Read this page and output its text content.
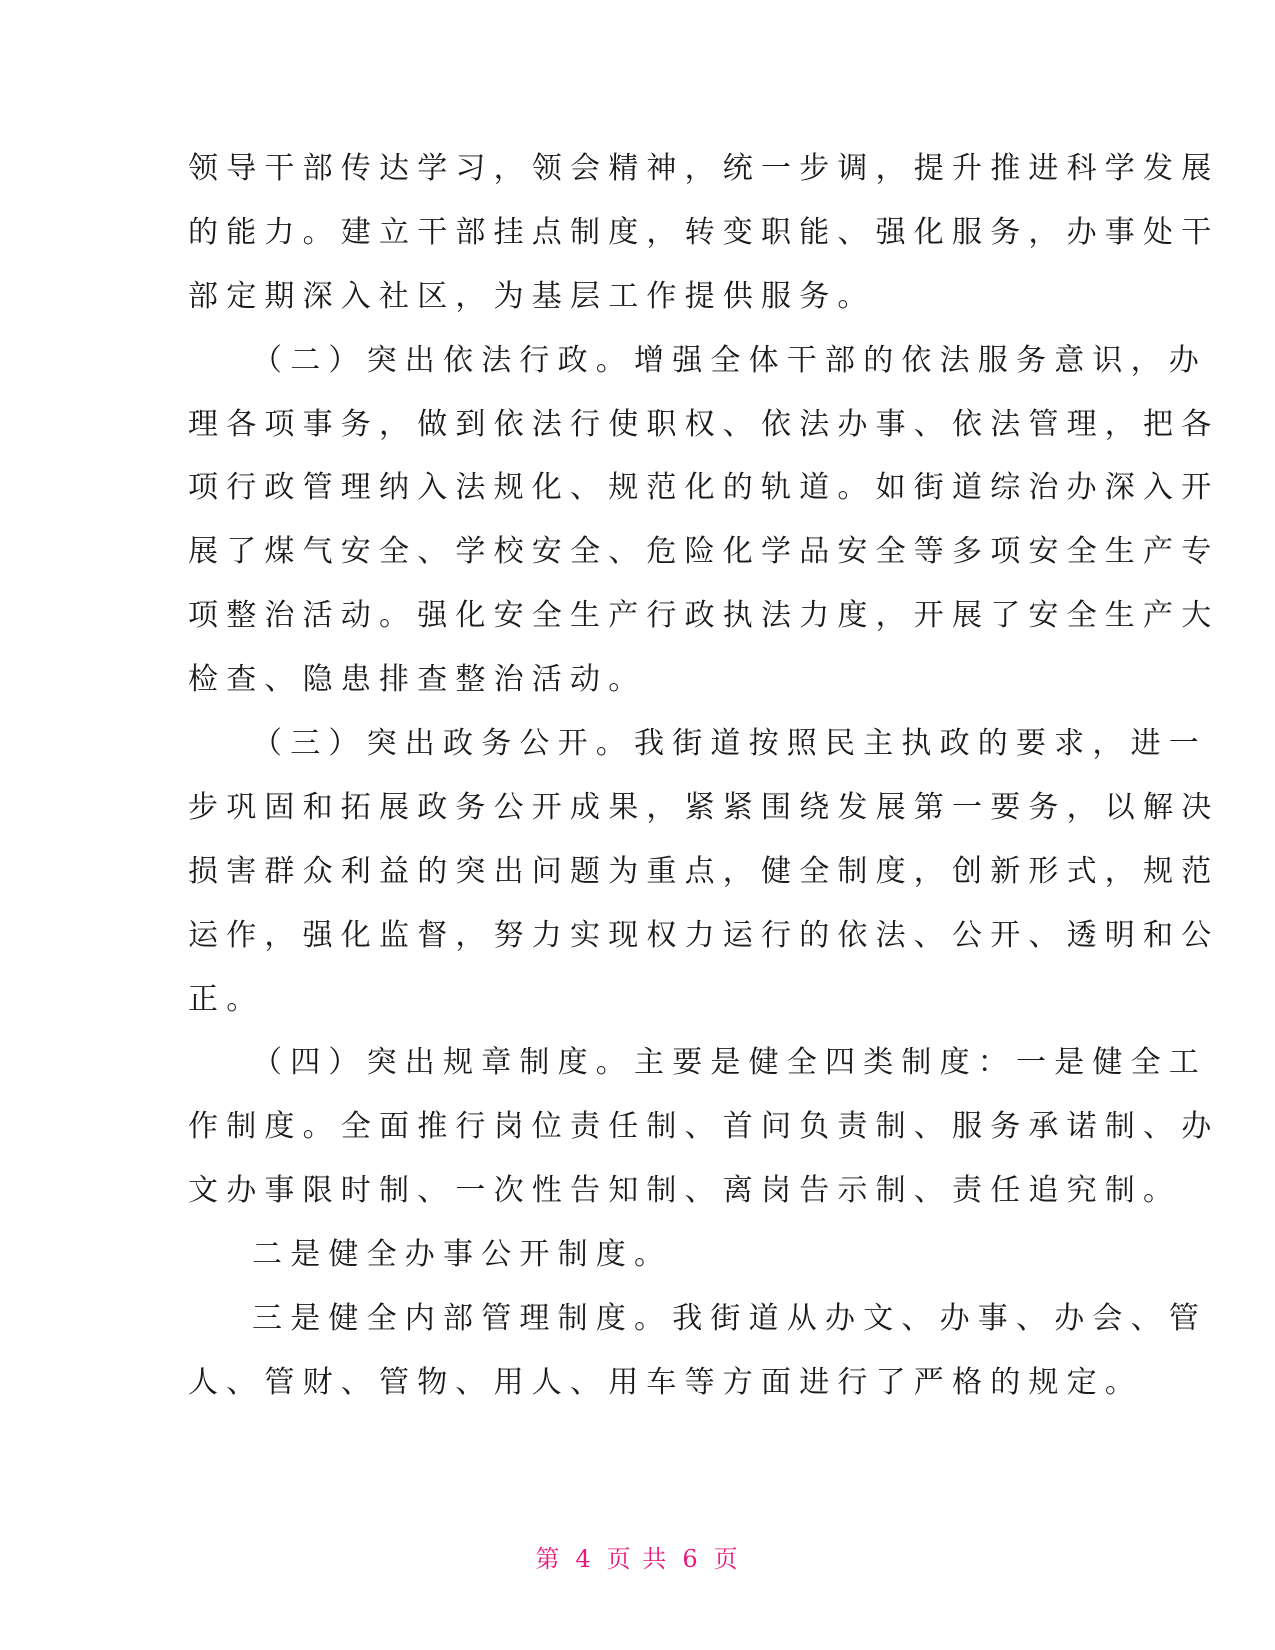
领导干部传达学习，领会精神，统一步调，提升推进科学发展
的能力。建立干部挂点制度，转变职能、强化服务，办事处干
部定期深入社区，为基层工作提供服务。
（二）突出依法行政。增强全体干部的依法服务意识，办
理各项事务，做到依法行使职权、依法办事、依法管理，把各
项行政管理纳入法规化、规范化的轨道。如街道综治办深入开
展了煤气安全、学校安全、危险化学品安全等多项安全生产专
项整治活动。强化安全生产行政执法力度，开展了安全生产大
检查、隐患排查整治活动。
（三）突出政务公开。我街道按照民主执政的要求，进一
步巩固和拓展政务公开成果，紧紧围绕发展第一要务，以解决
损害群众利益的突出问题为重点，健全制度，创新形式，规范
运作，强化监督，努力实现权力运行的依法、公开、透明和公
正。
（四）突出规章制度。主要是健全四类制度：一是健全工
作制度。全面推行岗位责任制、首问负责制、服务承诺制、办
文办事限时制、一次性告知制、离岗告示制、责任追究制。
二是健全办事公开制度。
三是健全内部管理制度。我街道从办文、办事、办会、管
人、管财、管物、用人、用车等方面进行了严格的规定。
第 4 页 共 6 页
